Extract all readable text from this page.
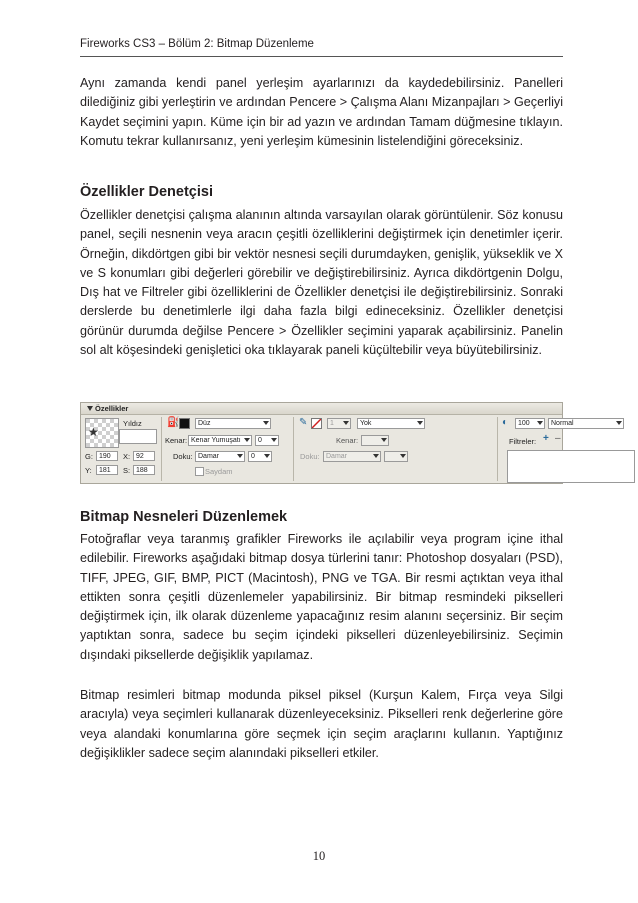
Fireworks CS3 – Bölüm 2: Bitmap Düzenleme

Aynı zamanda kendi panel yerleşim ayarlarınızı da kaydedebilirsiniz. Panelleri dilediğiniz gibi yerleştirin ve ardından Pencere > Çalışma Alanı Mizanpajları > Geçerliyi Kaydet seçimini yapın. Küme için bir ad yazın ve ardından Tamam düğmesine tıklayın. Komutu tekrar kullanırsanız, yeni yerleşim kümesinin listelendiğini göreceksiniz.

Özellikler Denetçisi

Özellikler denetçisi çalışma alanının altında varsayılan olarak görüntülenir. Söz konusu panel, seçili nesnenin veya aracın çeşitli özelliklerini değiştirmek için denetimler içerir. Örneğin, dikdörtgen gibi bir vektör nesnesi seçili durumdayken, genişlik, yükseklik ve X ve S konumları gibi değerleri görebilir ve değiştirebilirsiniz. Ayrıca dikdörtgenin Dolgu, Dış hat ve Filtreler gibi özelliklerini de Özellikler denetçisi ile değiştirebilirsiniz. Sonraki derslerde bu denetimlerle ilgi daha fazla bilgi edineceksiniz. Özellikler denetçisi görünür durumda değilse Pencere > Özellikler seçimini yaparak açabilirsiniz. Panelin sol alt köşesindeki genişletici oka tıklayarak paneli küçültebilir veya büyütebilirsiniz.

Özellikler
★
Yıldız
G: 190	X: 92
Y:	181	S: 188
⛽	Düz
Kenar: Kenar Yumuşatı	0
Doku: Damar	0
Saydam
✎	1	Yok
Kenar:
Doku: Damar
◐	100	Normal
Filtreler: + –
Bitmap Nesneleri Düzenlemek

Fotoğraflar veya taranmış grafikler Fireworks ile açılabilir veya program içine ithal edilebilir. Fireworks aşağıdaki bitmap dosya türlerini tanır: Photoshop dosyaları (PSD), TIFF, JPEG, GIF, BMP, PICT (Macintosh), PNG ve TGA. Bir resmi açtıktan veya ithal ettikten sonra çeşitli düzenlemeler yapabilirsiniz. Bir bitmap resmindeki pikselleri değiştirmek için, ilk olarak düzenleme yapacağınız resim alanını seçersiniz. Bir seçim yaptıktan sonra, sadece bu seçim içindeki pikselleri düzenleyebilirsiniz. Seçimin dışındaki piksellerde değişiklik yapılamaz.

Bitmap resimleri bitmap modunda piksel piksel (Kurşun Kalem, Fırça veya Silgi aracıyla) veya seçimleri kullanarak düzenleyeceksiniz. Pikselleri renk değerlerine göre veya alandaki konumlarına göre seçmek için seçim araçlarını kullanın. Yaptığınız değişiklikler sadece seçim alanındaki pikselleri etkiler.

10
